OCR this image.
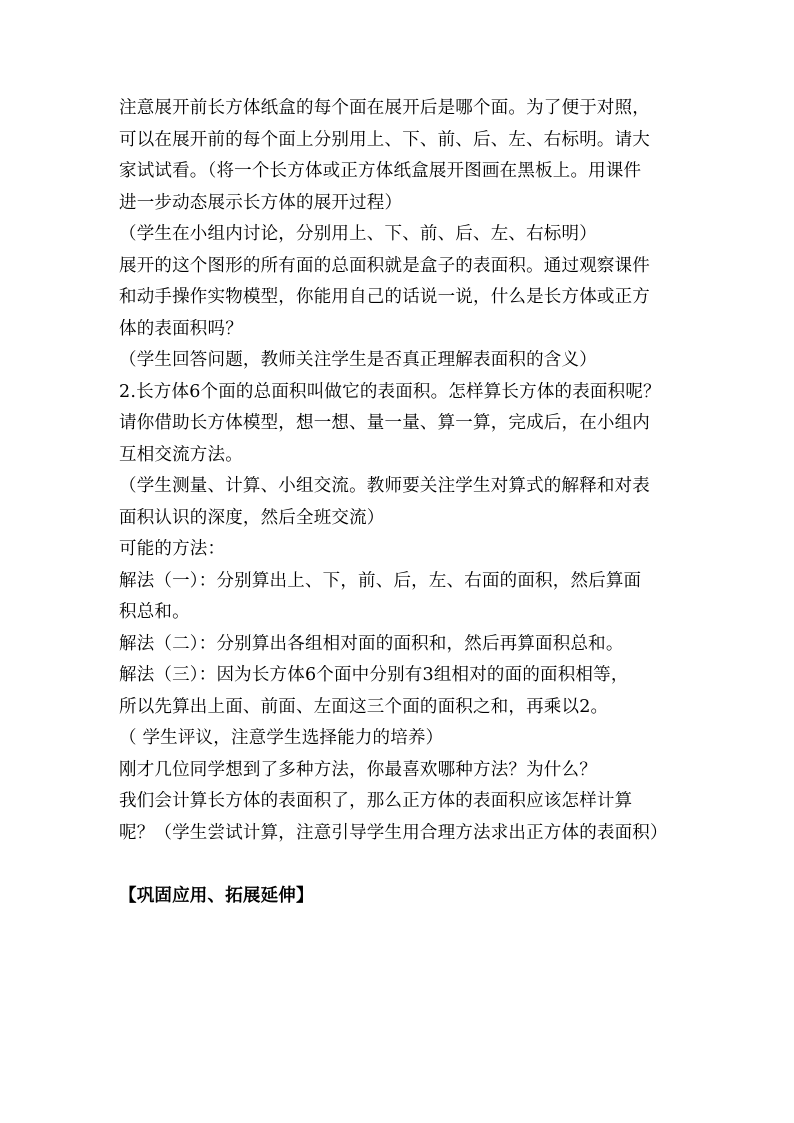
注意展开前长方体纸盒的每个面在展开后是哪个面。为了便于对照，
可以在展开前的每个面上分别用上、下、前、后、左、右标明。请大
家试试看。（将一个长方体或正方体纸盒展开图画在黑板上。用课件
进一步动态展示长方体的展开过程）
（学生在小组内讨论，分别用上、下、前、后、左、右标明）
展开的这个图形的所有面的总面积就是盒子的表面积。通过观察课件
和动手操作实物模型，你能用自己的话说一说，什么是长方体或正方
体的表面积吗？
（学生回答问题，教师关注学生是否真正理解表面积的含义）
2.长方体6个面的总面积叫做它的表面积。怎样算长方体的表面积呢？
请你借助长方体模型，想一想、量一量、算一算，完成后，在小组内
互相交流方法。
（学生测量、计算、小组交流。教师要关注学生对算式的解释和对表
面积认识的深度，然后全班交流）
可能的方法：
解法（一）：分别算出上、下，前、后，左、右面的面积，然后算面
积总和。
解法（二）：分别算出各组相对面的面积和，然后再算面积总和。
解法（三）：因为长方体6个面中分别有3组相对的面的面积相等，
所以先算出上面、前面、左面这三个面的面积之和，再乘以2。
（ 学生评议，注意学生选择能力的培养）
刚才几位同学想到了多种方法，你最喜欢哪种方法？为什么？
我们会计算长方体的表面积了，那么正方体的表面积应该怎样计算
呢？（学生尝试计算，注意引导学生用合理方法求出正方体的表面积）
【巩固应用、拓展延伸】
